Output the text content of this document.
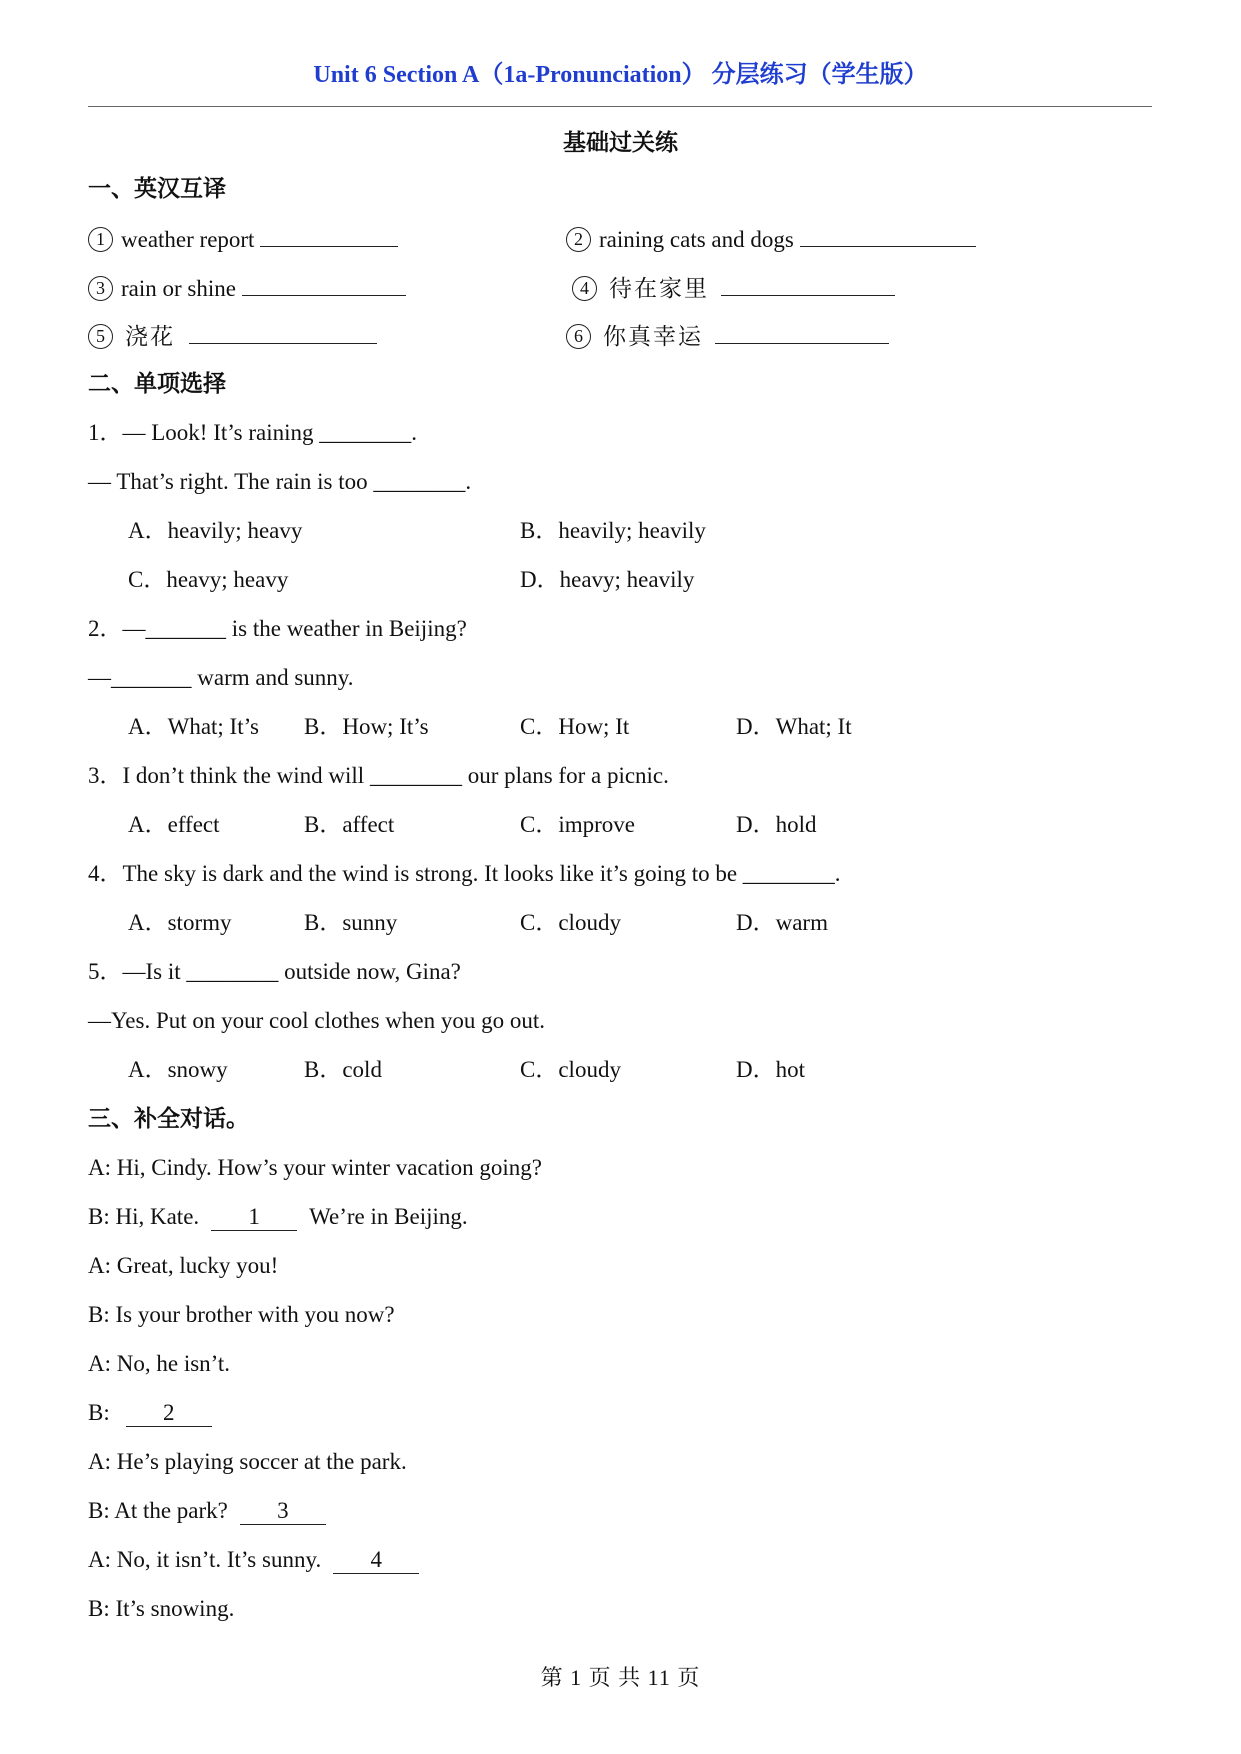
Unit 6 Section A（1a-Pronunciation） 分层练习（学生版）
基础过关练
一、英汉互译
1 weather report	2 raining cats and dogs
3 rain or shine	4 待在家里
5 浇花	6 你真幸运
二、单项选择
1．— Look! It’s raining ________.
— That’s right. The rain is too ________.
A．heavily; heavy	B．heavily; heavily
C．heavy; heavy	D．heavy; heavily
2．—_______ is the weather in Beijing?
—_______ warm and sunny.
A．What; It’s B．How; It’s	C．How; It	D．What; It
3．I don’t think the wind will ________ our plans for a picnic.
A．effect	B．affect	C．improve	D．hold
4．The sky is dark and the wind is strong. It looks like it’s going to be ________.
A．stormy	B．sunny	C．cloudy	D．warm
5．—Is it ________ outside now, Gina?
—Yes. Put on your cool clothes when you go out.
A．snowy	B．cold	C．cloudy	D．hot
三、补全对话。
A: Hi, Cindy. How’s your winter vacation going?
B: Hi, Kate. 1 We’re in Beijing.
A: Great, lucky you!
B: Is your brother with you now?
A: No, he isn’t.
B: 2
A: He’s playing soccer at the park.
B: At the park? 3
A: No, it isn’t. It’s sunny. 4
B: It’s snowing.
第 1 页 共 11 页
